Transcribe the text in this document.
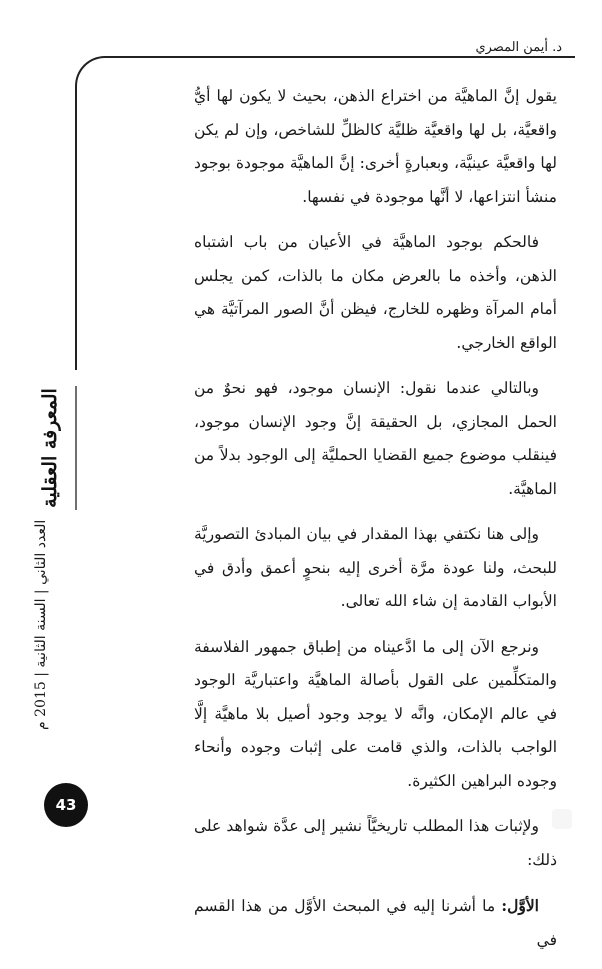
د. أيمن المصري
المعرفة العقلية
العدد الثاني | السنة الثانية | 2015 م
43

يقول إنَّ الماهيَّة من اختراع الذهن، بحيث لا يكون لها أيُّ واقعيَّة، بل لها واقعيَّة ظليَّة كالظلِّ للشاخص، وإن لم يكن لها واقعيَّة عينيَّة، وبعبارةٍ أخرى: إنَّ الماهيَّة موجودة بوجود منشأ انتزاعها، لا أنَّها موجودة في نفسها.

فالحكم بوجود الماهيَّة في الأعيان من باب اشتباه الذهن، وأخذه ما بالعرض مكان ما بالذات، كمن يجلس أمام المرآة وظهره للخارج، فيظن أنَّ الصور المرآتيَّة هي الواقع الخارجي.

وبالتالي عندما نقول: الإنسان موجود، فهو نحوٌ من الحمل المجازي، بل الحقيقة إنَّ وجود الإنسان موجود، فينقلب موضوع جميع القضايا الحمليَّة إلى الوجود بدلاً من الماهيَّة.

وإلى هنا نكتفي بهذا المقدار في بيان المبادئ التصوريَّة للبحث، ولنا عودة مرَّة أخرى إليه بنحوٍ أعمق وأدق في الأبواب القادمة إن شاء الله تعالى.

ونرجع الآن إلى ما ادَّعيناه من إطباق جمهور الفلاسفة والمتكلِّمين على القول بأصالة الماهيَّة واعتباريَّة الوجود في عالم الإمكان، وانَّه لا يوجد وجود أصيل بلا ماهيَّة إلَّا الواجب بالذات، والذي قامت على إثبات وجوده وأنحاء وجوده البراهين الكثيرة.

ولإثبات هذا المطلب تاريخيَّاً نشير إلى عدَّة شواهد على ذلك:

الأوَّل: ما أشرنا إليه في المبحث الأوَّل من هذا القسم في
